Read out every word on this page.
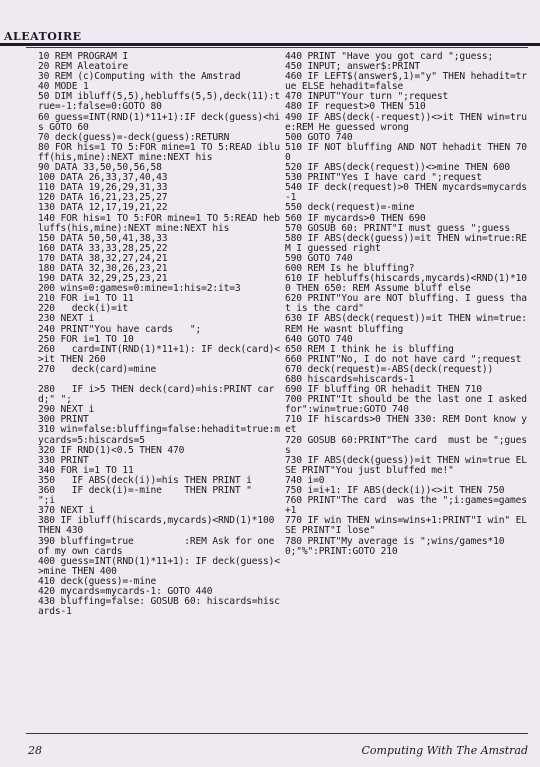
ALEATOIRE
10 REM PROGRAM I
20 REM Aleatoire
30 REM (c)Computing with the Amstrad
40 MODE 1
50 DIM ibluff(5,5),hebluffs(5,5),deck(11):true=-1:false=0:GOTO 80
60 guess=INT(RND(1)*11+1):IF deck(guess)<his GOTO 60
70 deck(guess)=-deck(guess):RETURN
80 FOR his=1 TO 5:FOR mine=1 TO 5:READ ibluff(his,mine):NEXT mine:NEXT his
90 DATA 33,50,50,56,58
100 DATA 26,33,37,40,43
110 DATA 19,26,29,31,33
120 DATA 16,21,23,25,27
130 DATA 12,17,19,21,22
140 FOR his=1 TO 5:FOR mine=1 TO 5:READ hebluffs(his,mine):NEXT mine:NEXT his
150 DATA 50,50,41,38,33
160 DATA 33,33,28,25,22
170 DATA 38,32,27,24,21
180 DATA 32,30,26,23,21
190 DATA 32,29,25,23,21
200 wins=0:games=0:mine=1:his=2:it=3
210 FOR i=1 TO 11
220   deck(i)=it
230 NEXT i
240 PRINT"You have cards   ";
250 FOR i=1 TO 10
260   card=INT(RND(1)*11+1): IF deck(card)<>it THEN 260
270   deck(card)=mine
280   IF i>5 THEN deck(card)=his:PRINT card;" ";
290 NEXT i
300 PRINT
310 win=false:bluffing=false:hehadit=true:mycards=5:hiscards=5
320 IF RND(1)<0.5 THEN 470
330 PRINT
340 FOR i=1 TO 11
350   IF ABS(deck(i))=his THEN PRINT i
360   IF deck(i)=-mine    THEN PRINT "    ";i
370 NEXT i
380 IF ibluff(hiscards,mycards)<RND(1)*100 THEN 430
390 bluffing=true         :REM Ask for one of my own cards
400 guess=INT(RND(1)*11+1): IF deck(guess)<>mine THEN 400
410 deck(guess)=-mine
420 mycards=mycards-1: GOTO 440
430 bluffing=false: GOSUB 60: hiscards=hiscards-1
440 PRINT "Have you got card ";guess;
450 INPUT; answer$:PRINT
460 IF LEFT$(answer$,1)="y" THEN hehadit=true ELSE hehadit=false
470 INPUT"Your turn ";request
480 IF request>0 THEN 510
490 IF ABS(deck(-request))<>it THEN win=true:REM He guessed wrong
500 GOTO 740
510 IF NOT bluffing AND NOT hehadit THEN 700
520 IF ABS(deck(request))<>mine THEN 600
530 PRINT"Yes I have card ";request
540 IF deck(request)>0 THEN mycards=mycards-1
550 deck(request)=-mine
560 IF mycards>0 THEN 690
570 GOSUB 60: PRINT"I must guess ";guess
580 IF ABS(deck(guess))=it THEN win=true:REM I guessed right
590 GOTO 740
600 REM Is he bluffing?
610 IF hebluffs(hiscards,mycards)<RND(1)*100 THEN 650: REM Assume bluff else
620 PRINT"You are NOT bluffing. I guess that is the card"
630 IF ABS(deck(request))=it THEN win=true:REM He wasnt bluffing
640 GOTO 740
650 REM I think he is bluffing
660 PRINT"No, I do not have card ";request
670 deck(request)=-ABS(deck(request))
680 hiscards=hiscards-1
690 IF bluffing OR hehadit THEN 710
700 PRINT"It should be the last one I asked for":win=true:GOTO 740
710 IF hiscards>0 THEN 330: REM Dont know yet
720 GOSUB 60:PRINT"The card  must be ";guess
730 IF ABS(deck(guess))=it THEN win=true ELSE PRINT"You just bluffed me!"
740 i=0
750 i=i+1: IF ABS(deck(i))<>it THEN 750
760 PRINT"The card  was the ";i:games=games+1
770 IF win THEN wins=wins+1:PRINT"I win" ELSE PRINT"I lose"
780 PRINT"My average is ";wins/games*100;"%":PRINT:GOTO 210
28	Computing With The Amstrad
